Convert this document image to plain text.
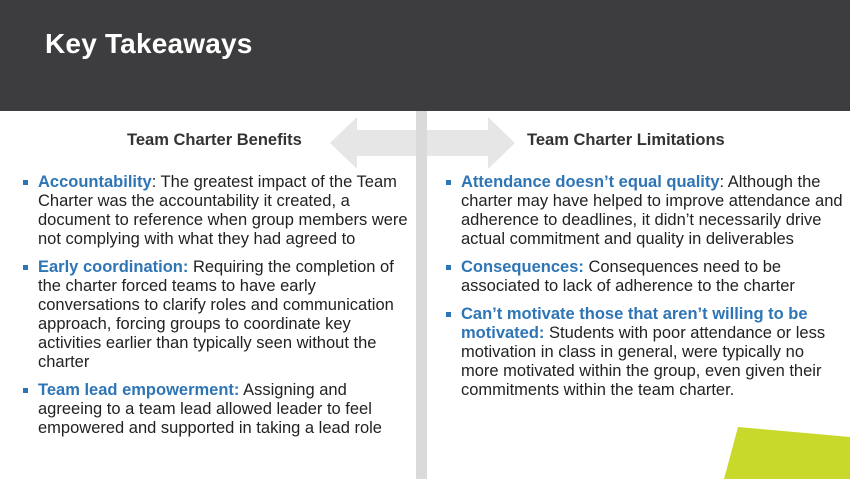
Key Takeaways
Team Charter Benefits	Team Charter Limitations
Accountability: The greatest impact of the Team Charter was the accountability it created, a document to reference when group members were not complying with what they had agreed to
Early coordination: Requiring the completion of the charter forced teams to have early conversations to clarify roles and communication approach, forcing groups to coordinate key activities earlier than typically seen without the charter
Team lead empowerment: Assigning and agreeing to a team lead allowed leader to feel empowered and supported in taking a lead role
Attendance doesn’t equal quality: Although the charter may have helped to improve attendance and adherence to deadlines, it didn’t necessarily drive actual commitment and quality in deliverables
Consequences: Consequences need to be associated to lack of adherence to the charter
Can’t motivate those that aren’t willing to be motivated: Students with poor attendance or less motivation in class in general, were typically no more motivated within the group, even given their commitments within the team charter.
